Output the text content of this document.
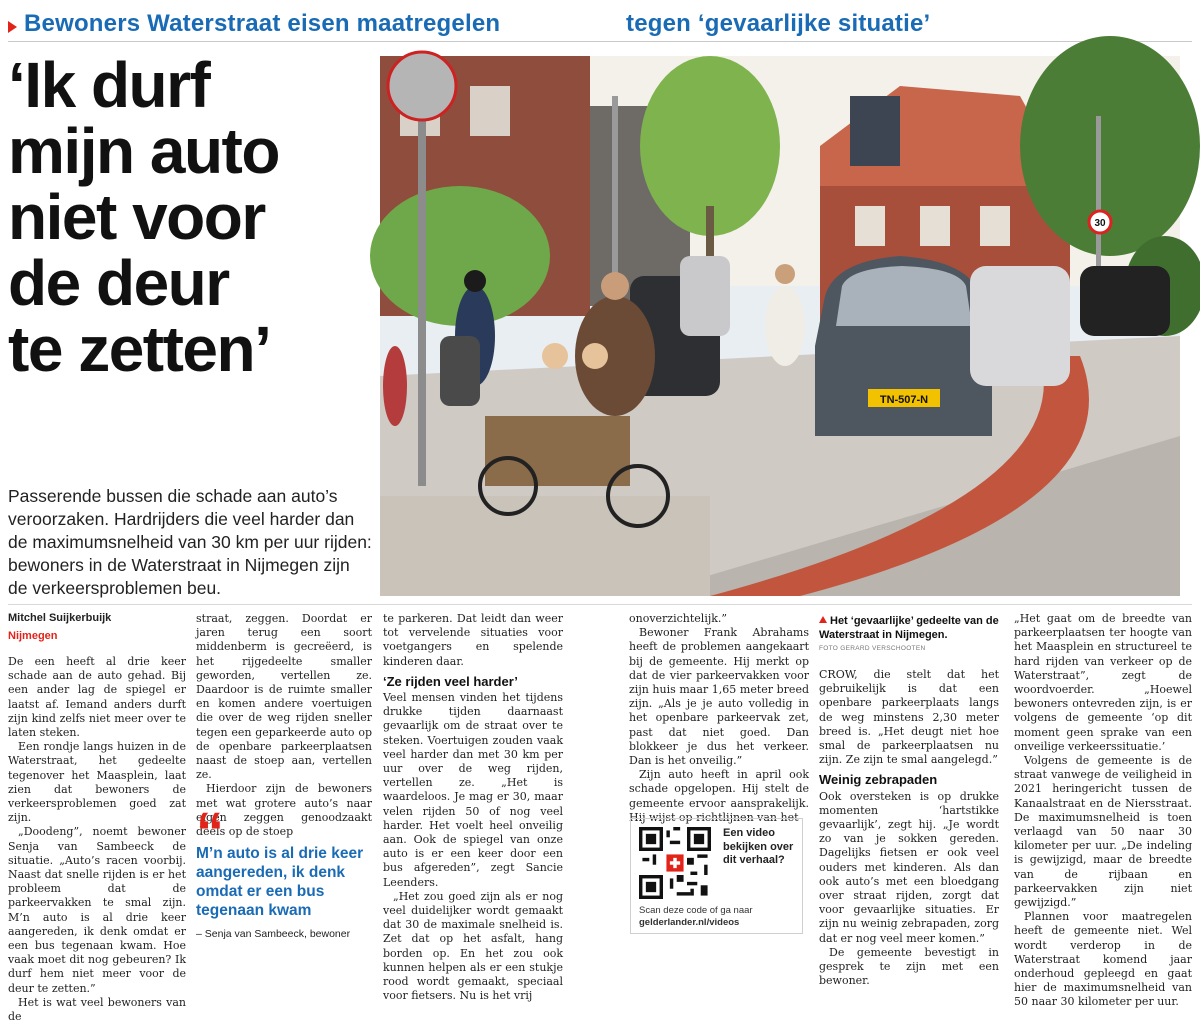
Bewoners Waterstraat eisen maatregelen	tegen ‘gevaarlijke situatie’
‘Ik durf
mijn auto
niet voor
de deur
te zetten’
30
TN-507-N

Passerende bussen die schade aan auto’s veroorzaken. Hardrijders die veel harder dan de maximumsnelheid van 30 km per uur rijden: bewoners in de Waterstraat in Nijmegen zijn de verkeersproblemen beu.

Mitchel Suijkerbuijk
Nijmegen

De een heeft al drie keer schade aan de auto gehad. Bij een ander lag de spiegel er laatst af. Iemand anders durft zijn kind zelfs niet meer over te laten steken.

Een rondje langs huizen in de Waterstraat, het gedeelte tegenover het Maasplein, laat zien dat bewoners de verkeersproblemen goed zat zijn.

„Doodeng”, noemt bewoner Senja van Sambeeck de situatie. „Auto’s racen voorbij. Naast dat snelle rijden is er het probleem dat de parkeervakken te smal zijn. M’n auto is al drie keer aangereden, ik denk omdat er een bus tegenaan kwam. Hoe vaak moet dit nog gebeuren? Ik durf hem niet meer voor de deur te zetten.”

Het is wat veel bewoners van de

straat, zeggen. Doordat er jaren terug een soort middenberm is gecreëerd, is het rijgedeelte smaller geworden, vertellen ze. Daardoor is de ruimte smaller en komen andere voertuigen die over de weg rijden sneller tegen een geparkeerde auto op de openbare parkeerplaatsen naast de stoep aan, vertellen ze.

Hierdoor zijn de bewoners met wat grotere auto’s naar eigen zeggen genoodzaakt deels op de stoep

“
M’n auto is al drie keer aangereden, ik denk omdat er een bus tegenaan kwam
– Senja van Sambeeck, bewoner

te parkeren. Dat leidt dan weer tot vervelende situaties voor voetgangers en spelende kinderen daar.

‘Ze rijden veel harder’

Veel mensen vinden het tijdens drukke tijden daarnaast gevaarlijk om de straat over te steken. Voertuigen zouden vaak veel harder dan met 30 km per uur over de weg rijden, vertellen ze. „Het is waardeloos. Je mag er 30, maar velen rijden 50 of nog veel harder. Het voelt heel onveilig aan. Ook de spiegel van onze auto is er een keer door een bus afgereden”, zegt Sancie Leenders.

„Het zou goed zijn als er nog veel duidelijker wordt gemaakt dat 30 de maximale snelheid is. Zet dat op het asfalt, hang borden op. En het zou ook kunnen helpen als er een stukje rood wordt gemaakt, speciaal voor fietsers. Nu is het vrij

onoverzichtelijk.”

Bewoner Frank Abrahams heeft de problemen aangekaart bij de gemeente. Hij merkt op dat de vier parkeervakken voor zijn huis maar 1,65 meter breed zijn. „Als je je auto volledig in het openbare parkeervak zet, past dat niet goed. Dan blokkeer je dus het verkeer. Dan is het onveilig.”

Zijn auto heeft in april ook schade opgelopen. Hij stelt de gemeente ervoor aansprakelijk. Hij wijst op richtlijnen van het

Een video bekijken over dit verhaal?
Scan deze code of ga naar
gelderlander.nl/videos
Het ‘gevaarlijke’ gedeelte van de Waterstraat in Nijmegen.
FOTO GERARD VERSCHOOTEN

CROW, die stelt dat het gebruikelijk is dat een openbare parkeerplaats langs de weg minstens 2,30 meter breed is. „Het deugt niet hoe smal de parkeerplaatsen nu zijn. Ze zijn te smal aangelegd.”

Weinig zebrapaden

Ook oversteken is op drukke momenten ‘hartstikke gevaarlijk’, zegt hij. „Je wordt zo van je sokken gereden. Dagelijks fietsen er ook veel ouders met kinderen. Als dan ook auto’s met een bloedgang over straat rijden, zorgt dat voor gevaarlijke situaties. Er zijn nu weinig zebrapaden, zorg dat er nog veel meer komen.”

De gemeente bevestigt in gesprek te zijn met een bewoner.

„Het gaat om de breedte van parkeerplaatsen ter hoogte van het Maasplein en structureel te hard rijden van verkeer op de Waterstraat”, zegt de woordvoerder. „Hoewel bewoners ontevreden zijn, is er volgens de gemeente ‘op dit moment geen sprake van een onveilige verkeerssituatie.’

Volgens de gemeente is de straat vanwege de veiligheid in 2021 heringericht tussen de Kanaalstraat en de Niersstraat. De maximumsnelheid is toen verlaagd van 50 naar 30 kilometer per uur. „De indeling is gewijzigd, maar de breedte van de rijbaan en parkeervakken zijn niet gewijzigd.”

Plannen voor maatregelen heeft de gemeente niet. Wel wordt verderop in de Waterstraat komend jaar onderhoud gepleegd en gaat hier de maximumsnelheid van 50 naar 30 kilometer per uur.
